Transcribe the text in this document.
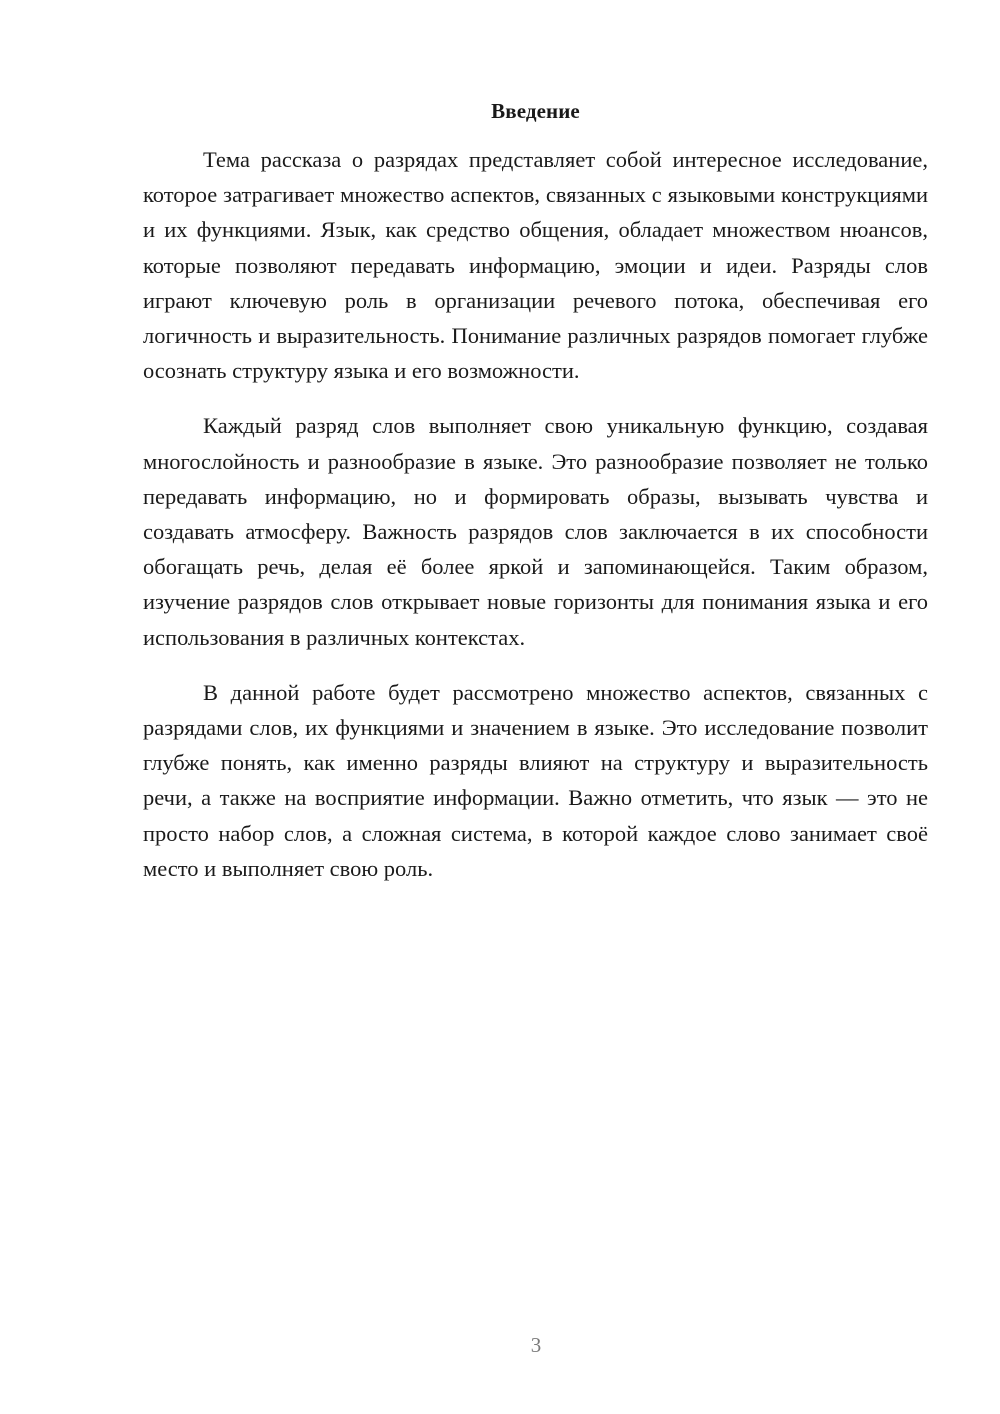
Введение

Тема рассказа о разрядах представляет собой интересное исследование, которое затрагивает множество аспектов, связанных с языковыми конструкциями и их функциями. Язык, как средство общения, обладает множеством нюансов, которые позволяют передавать информацию, эмоции и идеи. Разряды слов играют ключевую роль в организации речевого потока, обеспечивая его логичность и выразительность. Понимание различных разрядов помогает глубже осознать структуру языка и его возможности.

Каждый разряд слов выполняет свою уникальную функцию, создавая многослойность и разнообразие в языке. Это разнообразие позволяет не только передавать информацию, но и формировать образы, вызывать чувства и создавать атмосферу. Важность разрядов слов заключается в их способности обогащать речь, делая её более яркой и запоминающейся. Таким образом, изучение разрядов слов открывает новые горизонты для понимания языка и его использования в различных контекстах.

В данной работе будет рассмотрено множество аспектов, связанных с разрядами слов, их функциями и значением в языке. Это исследование позволит глубже понять, как именно разряды влияют на структуру и выразительность речи, а также на восприятие информации. Важно отметить, что язык — это не просто набор слов, а сложная система, в которой каждое слово занимает своё место и выполняет свою роль.

3
